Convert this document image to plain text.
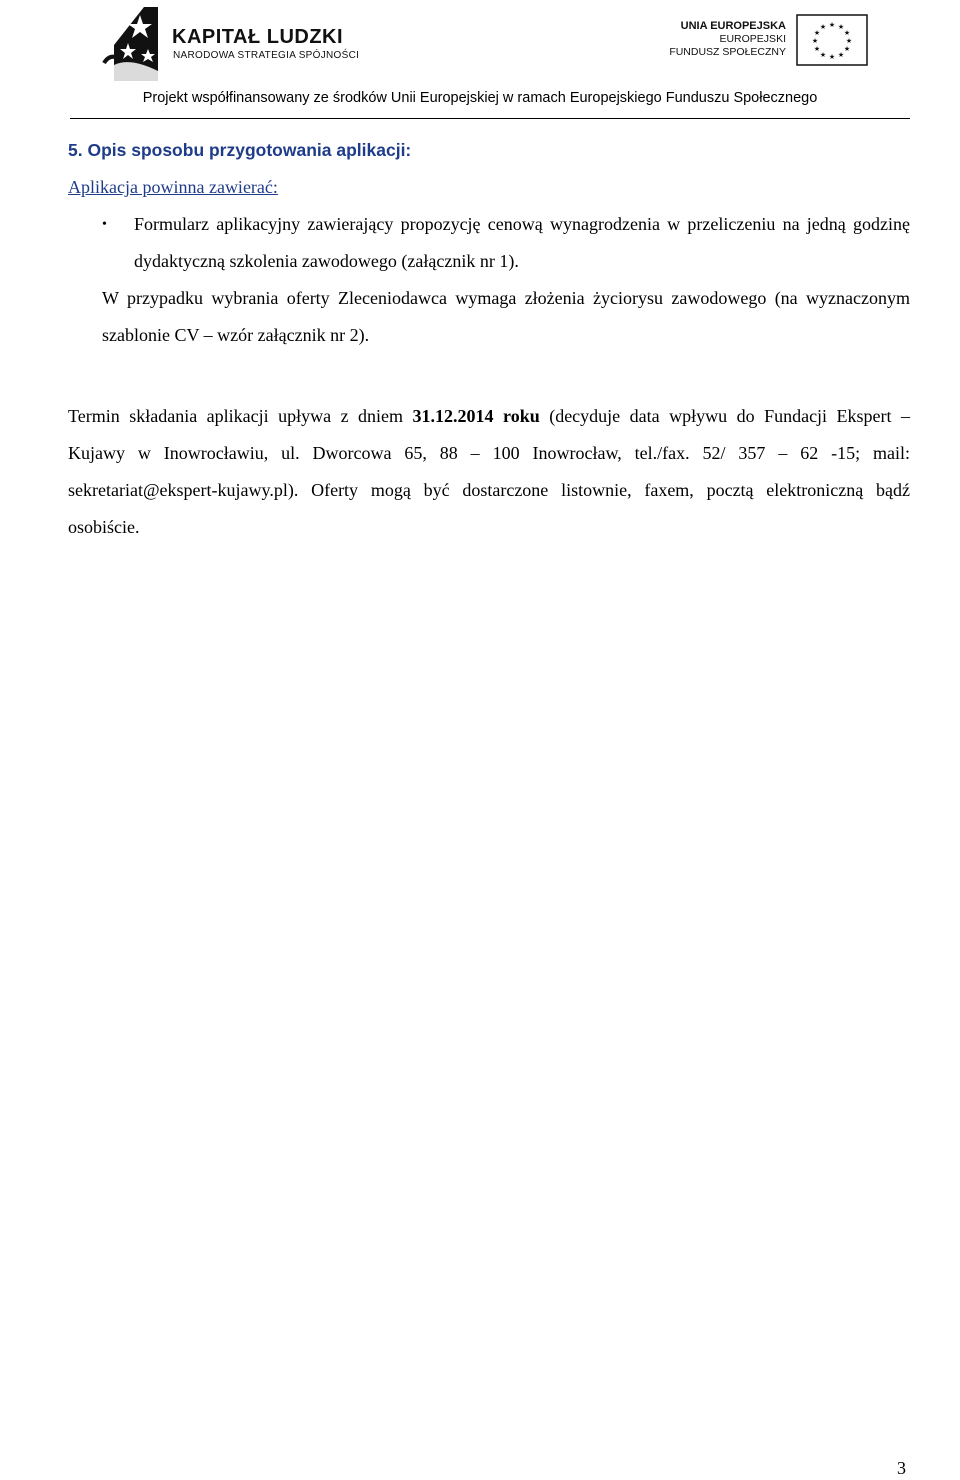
KAPITAŁ LUDZKI
NARODOWA STRATEGIA SPÓJNOŚCI
UNIA EUROPEJSKA
EUROPEJSKI
FUNDUSZ SPOŁECZNY
★ ★
★
★
★
★
★
★
★
★
★
★
Projekt współfinansowany ze środków Unii Europejskiej w ramach Europejskiego Funduszu Społecznego

5. Opis sposobu przygotowania aplikacji:

Aplikacja powinna zawierać:

• Formularz aplikacyjny zawierający propozycję cenową wynagrodzenia w przeliczeniu na jedną godzinę dydaktyczną szkolenia zawodowego (załącznik nr 1).

W przypadku wybrania oferty Zleceniodawca wymaga złożenia życiorysu zawodowego (na wyznaczonym szablonie CV – wzór załącznik nr 2).

Termin składania aplikacji upływa z dniem 31.12.2014 roku (decyduje data wpływu do Fundacji Ekspert – Kujawy w Inowrocławiu, ul. Dworcowa 65, 88 – 100 Inowrocław, tel./fax. 52/ 357 – 62 -15; mail: sekretariat@ekspert-kujawy.pl). Oferty mogą być dostarczone listownie, faxem, pocztą elektroniczną bądź osobiście.

3
